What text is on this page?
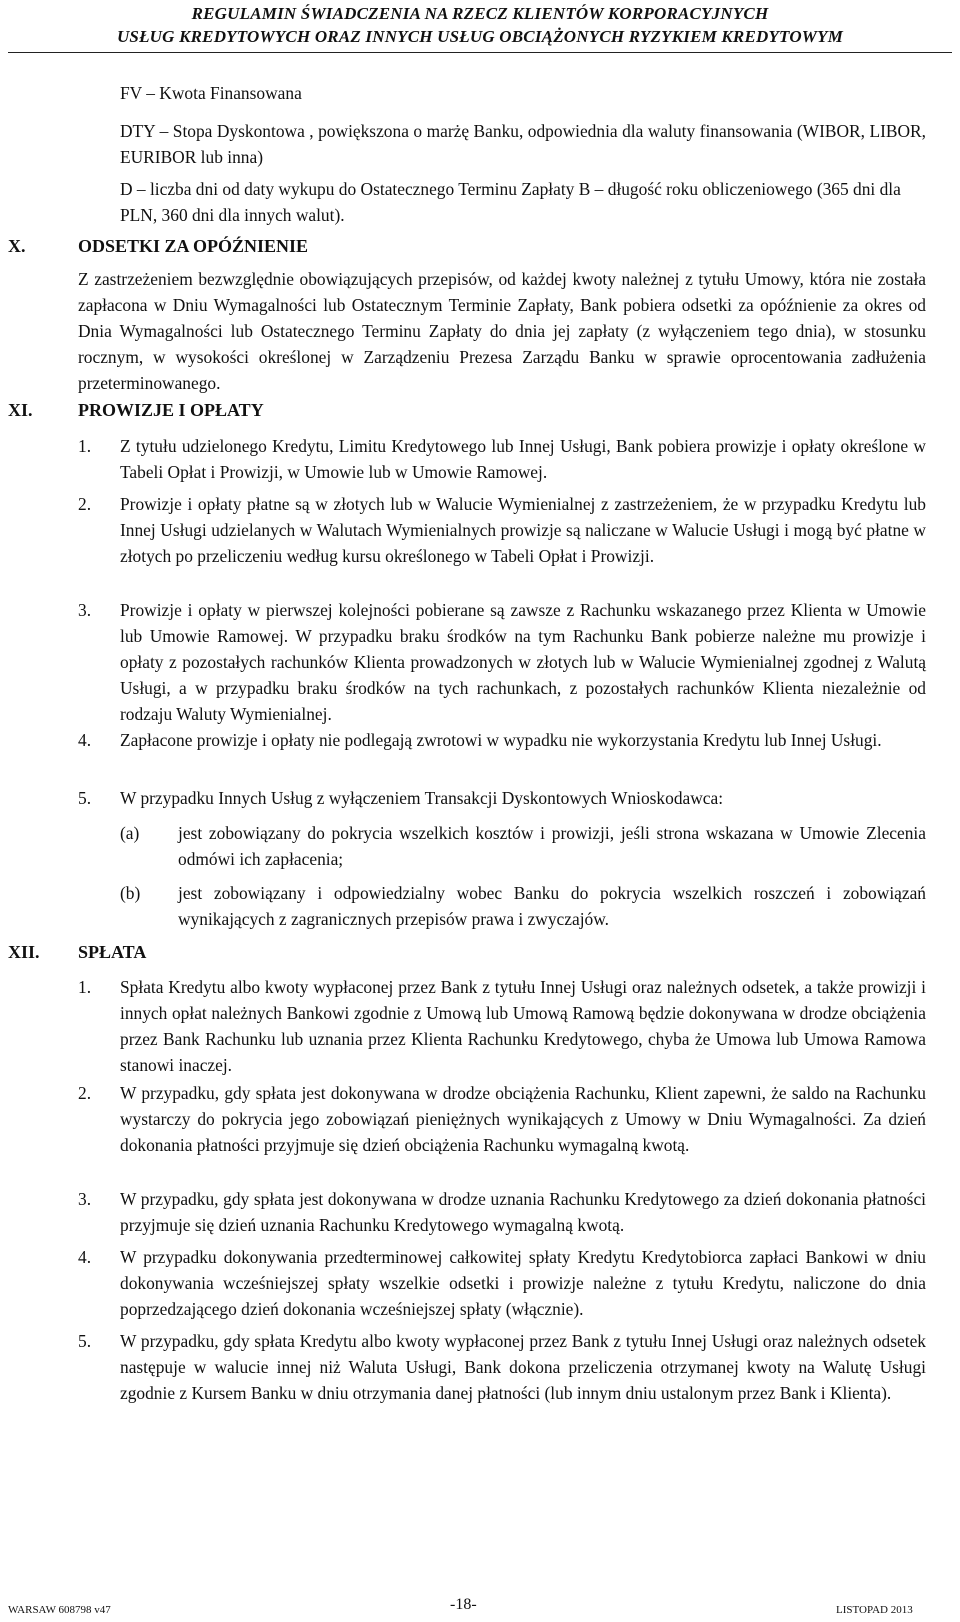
REGULAMIN ŚWIADCZENIA NA RZECZ KLIENTÓW KORPORACYJNYCH
USŁUG KREDYTOWYCH ORAZ INNYCH USŁUG OBCIĄŻONYCH RYZYKIEM KREDYTOWYM
FV – Kwota Finansowana
DTY – Stopa Dyskontowa , powiększona o marżę Banku, odpowiednia dla waluty finansowania (WIBOR, LIBOR, EURIBOR lub inna)
D – liczba dni od daty wykupu do Ostatecznego Terminu Zapłaty B – długość roku obliczeniowego (365 dni dla PLN, 360 dni dla innych walut).
X.	ODSETKI ZA OPÓŹNIENIE
Z zastrzeżeniem bezwzględnie obowiązujących przepisów, od każdej kwoty należnej z tytułu Umowy, która nie została zapłacona w Dniu Wymagalności lub Ostatecznym Terminie Zapłaty, Bank pobiera odsetki za opóźnienie za okres od Dnia Wymagalności lub Ostatecznego Terminu Zapłaty do dnia jej zapłaty (z wyłączeniem tego dnia), w stosunku rocznym, w wysokości określonej w Zarządzeniu Prezesa Zarządu Banku w sprawie oprocentowania zadłużenia przeterminowanego.
XI.	PROWIZJE I OPŁATY
1. Z tytułu udzielonego Kredytu, Limitu Kredytowego lub Innej Usługi, Bank pobiera prowizje i opłaty określone w Tabeli Opłat i Prowizji, w Umowie lub w Umowie Ramowej.
2. Prowizje i opłaty płatne są w złotych lub w Walucie Wymienialnej z zastrzeżeniem, że w przypadku Kredytu lub Innej Usługi udzielanych w Walutach Wymienialnych prowizje są naliczane w Walucie Usługi i mogą być płatne w złotych po przeliczeniu według kursu określonego w Tabeli Opłat i Prowizji.
3. Prowizje i opłaty w pierwszej kolejności pobierane są zawsze z Rachunku wskazanego przez Klienta w Umowie lub Umowie Ramowej. W przypadku braku środków na tym Rachunku Bank pobierze należne mu prowizje i opłaty z pozostałych rachunków Klienta prowadzonych w złotych lub w Walucie Wymienialnej zgodnej z Walutą Usługi, a w przypadku braku środków na tych rachunkach, z pozostałych rachunków Klienta niezależnie od rodzaju Waluty Wymienialnej.
4. Zapłacone prowizje i opłaty nie podlegają zwrotowi w wypadku nie wykorzystania Kredytu lub Innej Usługi.
5. W przypadku Innych Usług z wyłączeniem Transakcji Dyskontowych Wnioskodawca:
(a) jest zobowiązany do pokrycia wszelkich kosztów i prowizji, jeśli strona wskazana w Umowie Zlecenia odmówi ich zapłacenia;
(b) jest zobowiązany i odpowiedzialny wobec Banku do pokrycia wszelkich roszczeń i zobowiązań wynikających z zagranicznych przepisów prawa i zwyczajów.
XII. SPŁATA
1. Spłata Kredytu albo kwoty wypłaconej przez Bank z tytułu Innej Usługi oraz należnych odsetek, a także prowizji i innych opłat należnych Bankowi zgodnie z Umową lub Umową Ramową będzie dokonywana w drodze obciążenia przez Bank Rachunku lub uznania przez Klienta Rachunku Kredytowego, chyba że Umowa lub Umowa Ramowa stanowi inaczej.
2. W przypadku, gdy spłata jest dokonywana w drodze obciążenia Rachunku, Klient zapewni, że saldo na Rachunku wystarczy do pokrycia jego zobowiązań pieniężnych wynikających z Umowy w Dniu Wymagalności. Za dzień dokonania płatności przyjmuje się dzień obciążenia Rachunku wymagalną kwotą.
3. W przypadku, gdy spłata jest dokonywana w drodze uznania Rachunku Kredytowego za dzień dokonania płatności przyjmuje się dzień uznania Rachunku Kredytowego wymagalną kwotą.
4. W przypadku dokonywania przedterminowej całkowitej spłaty Kredytu Kredytobiorca zapłaci Bankowi w dniu dokonywania wcześniejszej spłaty wszelkie odsetki i prowizje należne z tytułu Kredytu, naliczone do dnia poprzedzającego dzień dokonania wcześniejszej spłaty (włącznie).
5. W przypadku, gdy spłata Kredytu albo kwoty wypłaconej przez Bank z tytułu Innej Usługi oraz należnych odsetek następuje w walucie innej niż Waluta Usługi, Bank dokona przeliczenia otrzymanej kwoty na Walutę Usługi zgodnie z Kursem Banku w dniu otrzymania danej płatności (lub innym dniu ustalonym przez Bank i Klienta).
WARSAW 608798 v47	-18-	LISTOPAD 2013
